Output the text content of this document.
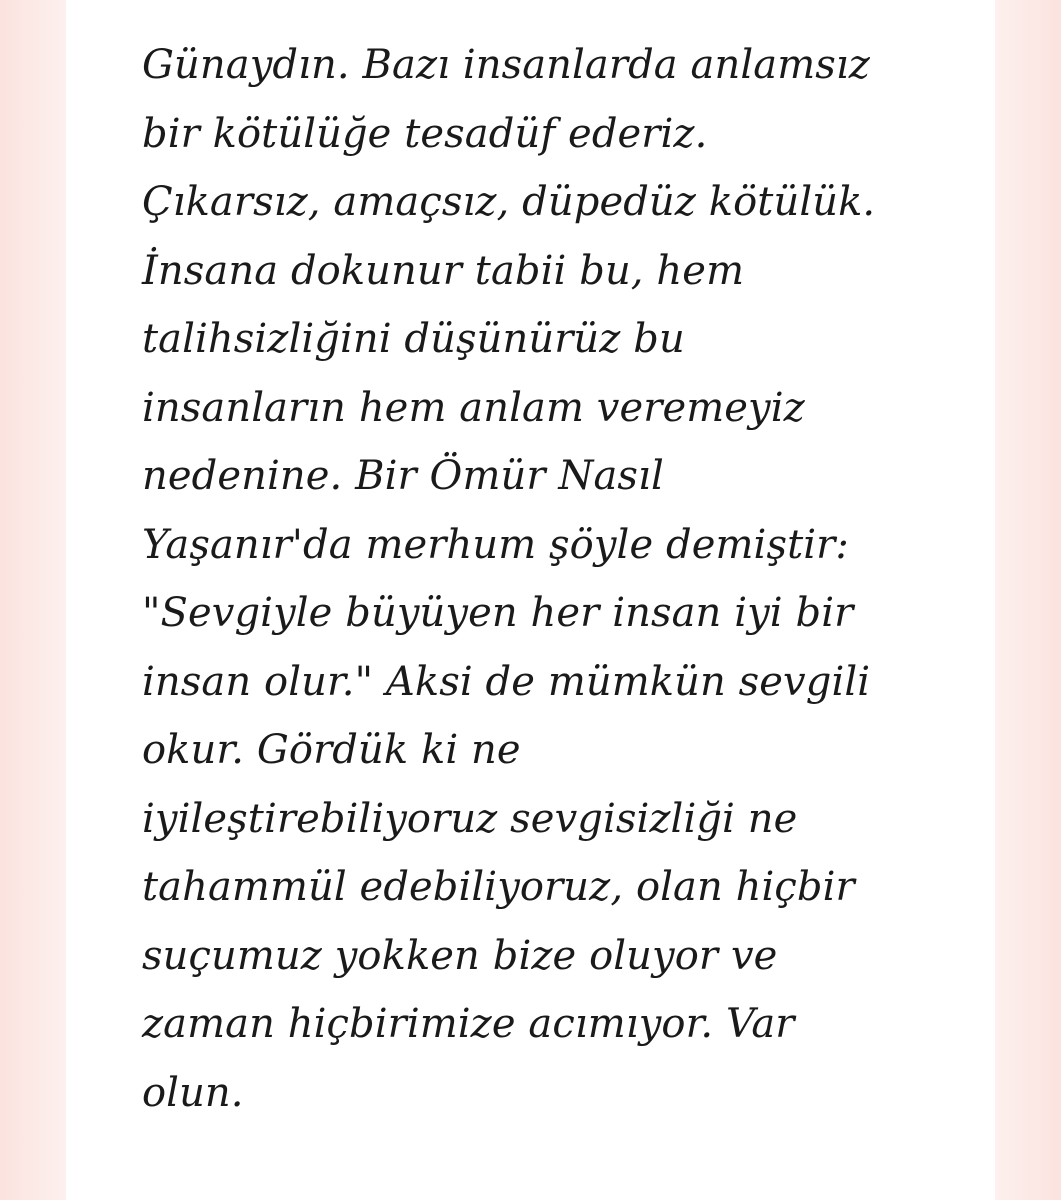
Günaydın. Bazı insanlarda anlamsız
bir kötülüğe tesadüf ederiz.
Çıkarsız, amaçsız, düpedüz kötülük.
İnsana dokunur tabii bu, hem
talihsizliğini düşünürüz bu
insanların hem anlam veremeyiz
nedenine. Bir Ömür Nasıl
Yaşanır'da merhum şöyle demiştir:
"Sevgiyle büyüyen her insan iyi bir
insan olur." Aksi de mümkün sevgili
okur. Gördük ki ne
iyileştirebiliyoruz sevgisizliği ne
tahammül edebiliyoruz, olan hiçbir
suçumuz yokken bize oluyor ve
zaman hiçbirimize acımıyor. Var
olun.
